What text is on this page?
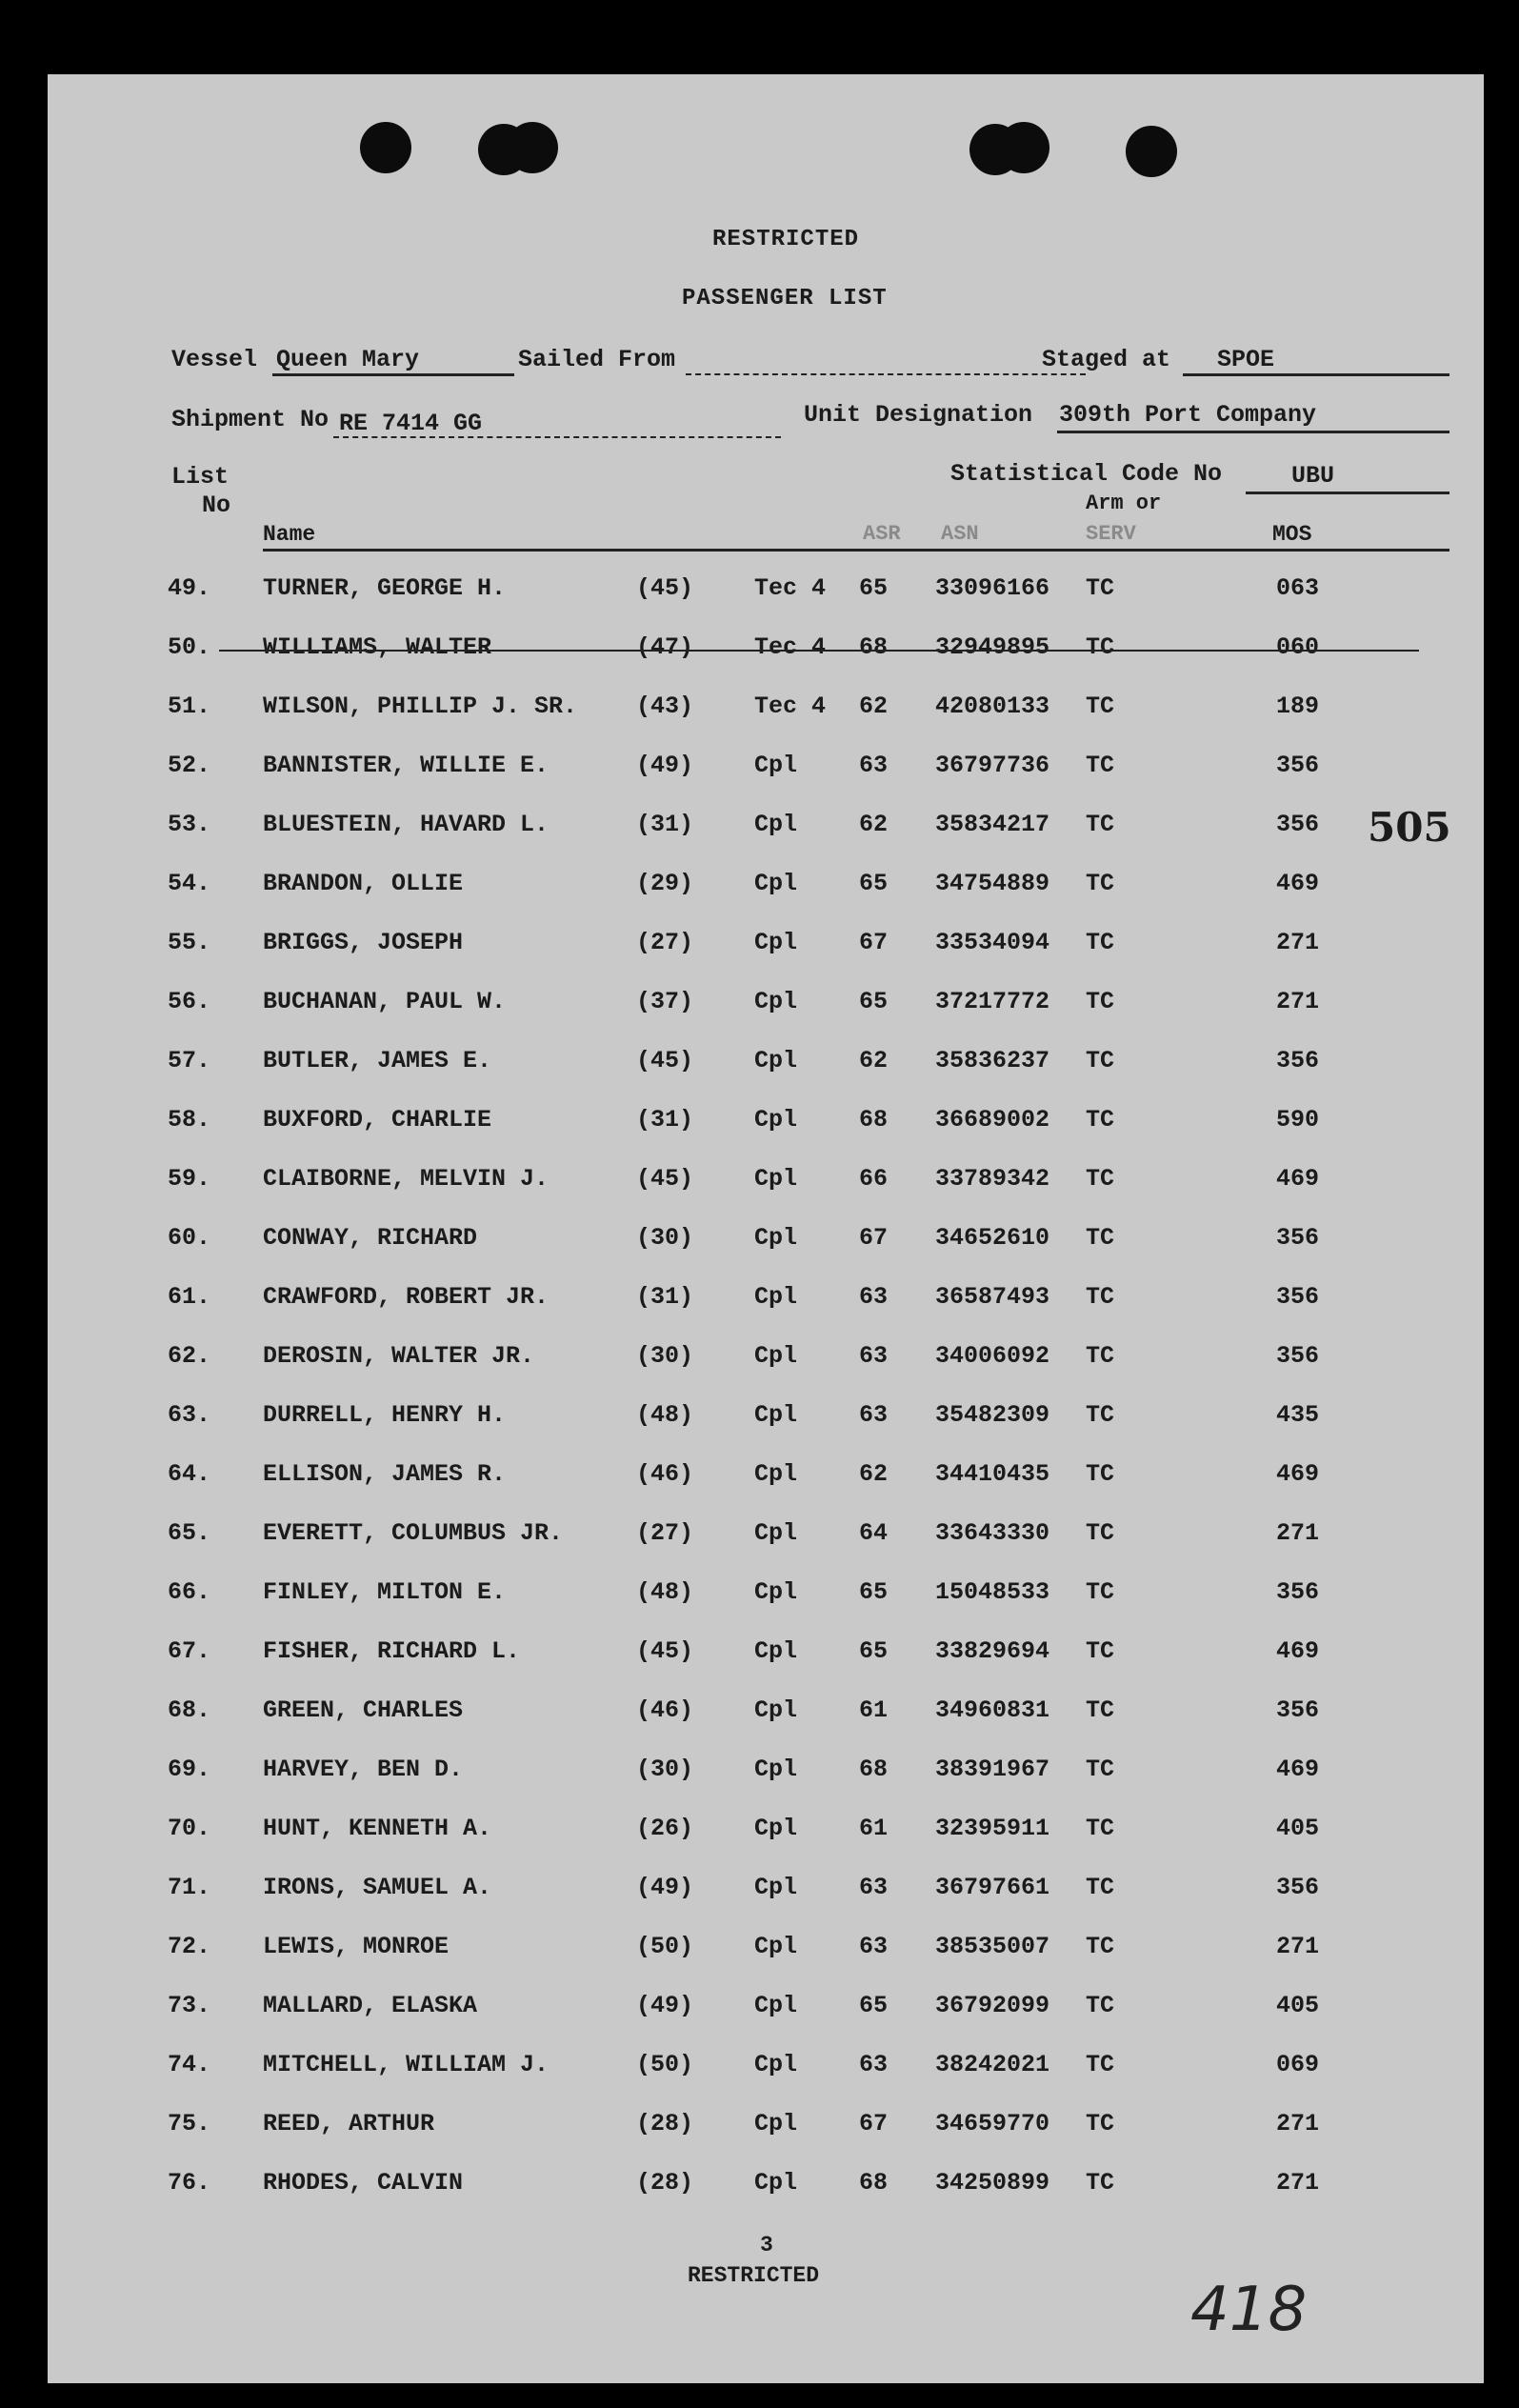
RESTRICTED
PASSENGER LIST
Vessel Queen Mary	Sailed From	Staged at SPOE
Shipment No RE 7414 GG	Unit Designation 309th Port Company
List
No
Statistical Code No	UBU
Name	ASR ASN
Arm or
SERV	MOS
49. TURNER, GEORGE H.	(45)	Tec 4 65 33096166 TC	063
50. WILLIAMS, WALTER	(47)	Tec 4 68 32949895 TC	060
51. WILSON, PHILLIP J. SR. (43)	Tec 4 62 42080133 TC	189
52. BANNISTER, WILLIE E.	(49)	Cpl	63 36797736 TC	356
53. BLUESTEIN, HAVARD L.	(31)	Cpl	62 35834217 TC	356
54. BRANDON, OLLIE	(29)	Cpl	65 34754889 TC	469
55. BRIGGS, JOSEPH	(27)	Cpl	67 33534094 TC	271
56. BUCHANAN, PAUL W.	(37)	Cpl	65 37217772 TC	271
57. BUTLER, JAMES E.	(45)	Cpl	62 35836237 TC	356
58. BUXFORD, CHARLIE	(31)	Cpl	68 36689002 TC	590
59. CLAIBORNE, MELVIN J.	(45)	Cpl	66 33789342 TC	469
60. CONWAY, RICHARD	(30)	Cpl	67 34652610 TC	356
61. CRAWFORD, ROBERT JR.	(31)	Cpl	63 36587493 TC	356
62. DEROSIN, WALTER JR.	(30)	Cpl	63 34006092 TC	356
63. DURRELL, HENRY H.	(48)	Cpl	63 35482309 TC	435
64. ELLISON, JAMES R.	(46)	Cpl	62 34410435 TC	469
65. EVERETT, COLUMBUS JR.	(27)	Cpl	64 33643330 TC	271
66. FINLEY, MILTON E.	(48)	Cpl	65 15048533 TC	356
67. FISHER, RICHARD L.	(45)	Cpl	65 33829694 TC	469
68. GREEN, CHARLES	(46)	Cpl	61 34960831 TC	356
69. HARVEY, BEN D.	(30)	Cpl	68 38391967 TC	469
70. HUNT, KENNETH A.	(26)	Cpl	61 32395911 TC	405
71. IRONS, SAMUEL A.	(49)	Cpl	63 36797661 TC	356
72. LEWIS, MONROE	(50)	Cpl	63 38535007 TC	271
73. MALLARD, ELASKA	(49)	Cpl	65 36792099 TC	405
74. MITCHELL, WILLIAM J.	(50)	Cpl	63 38242021 TC	069
75. REED, ARTHUR	(28)	Cpl	67 34659770 TC	271
76. RHODES, CALVIN	(28)	Cpl	68 34250899 TC	271
505
3
RESTRICTED	418
